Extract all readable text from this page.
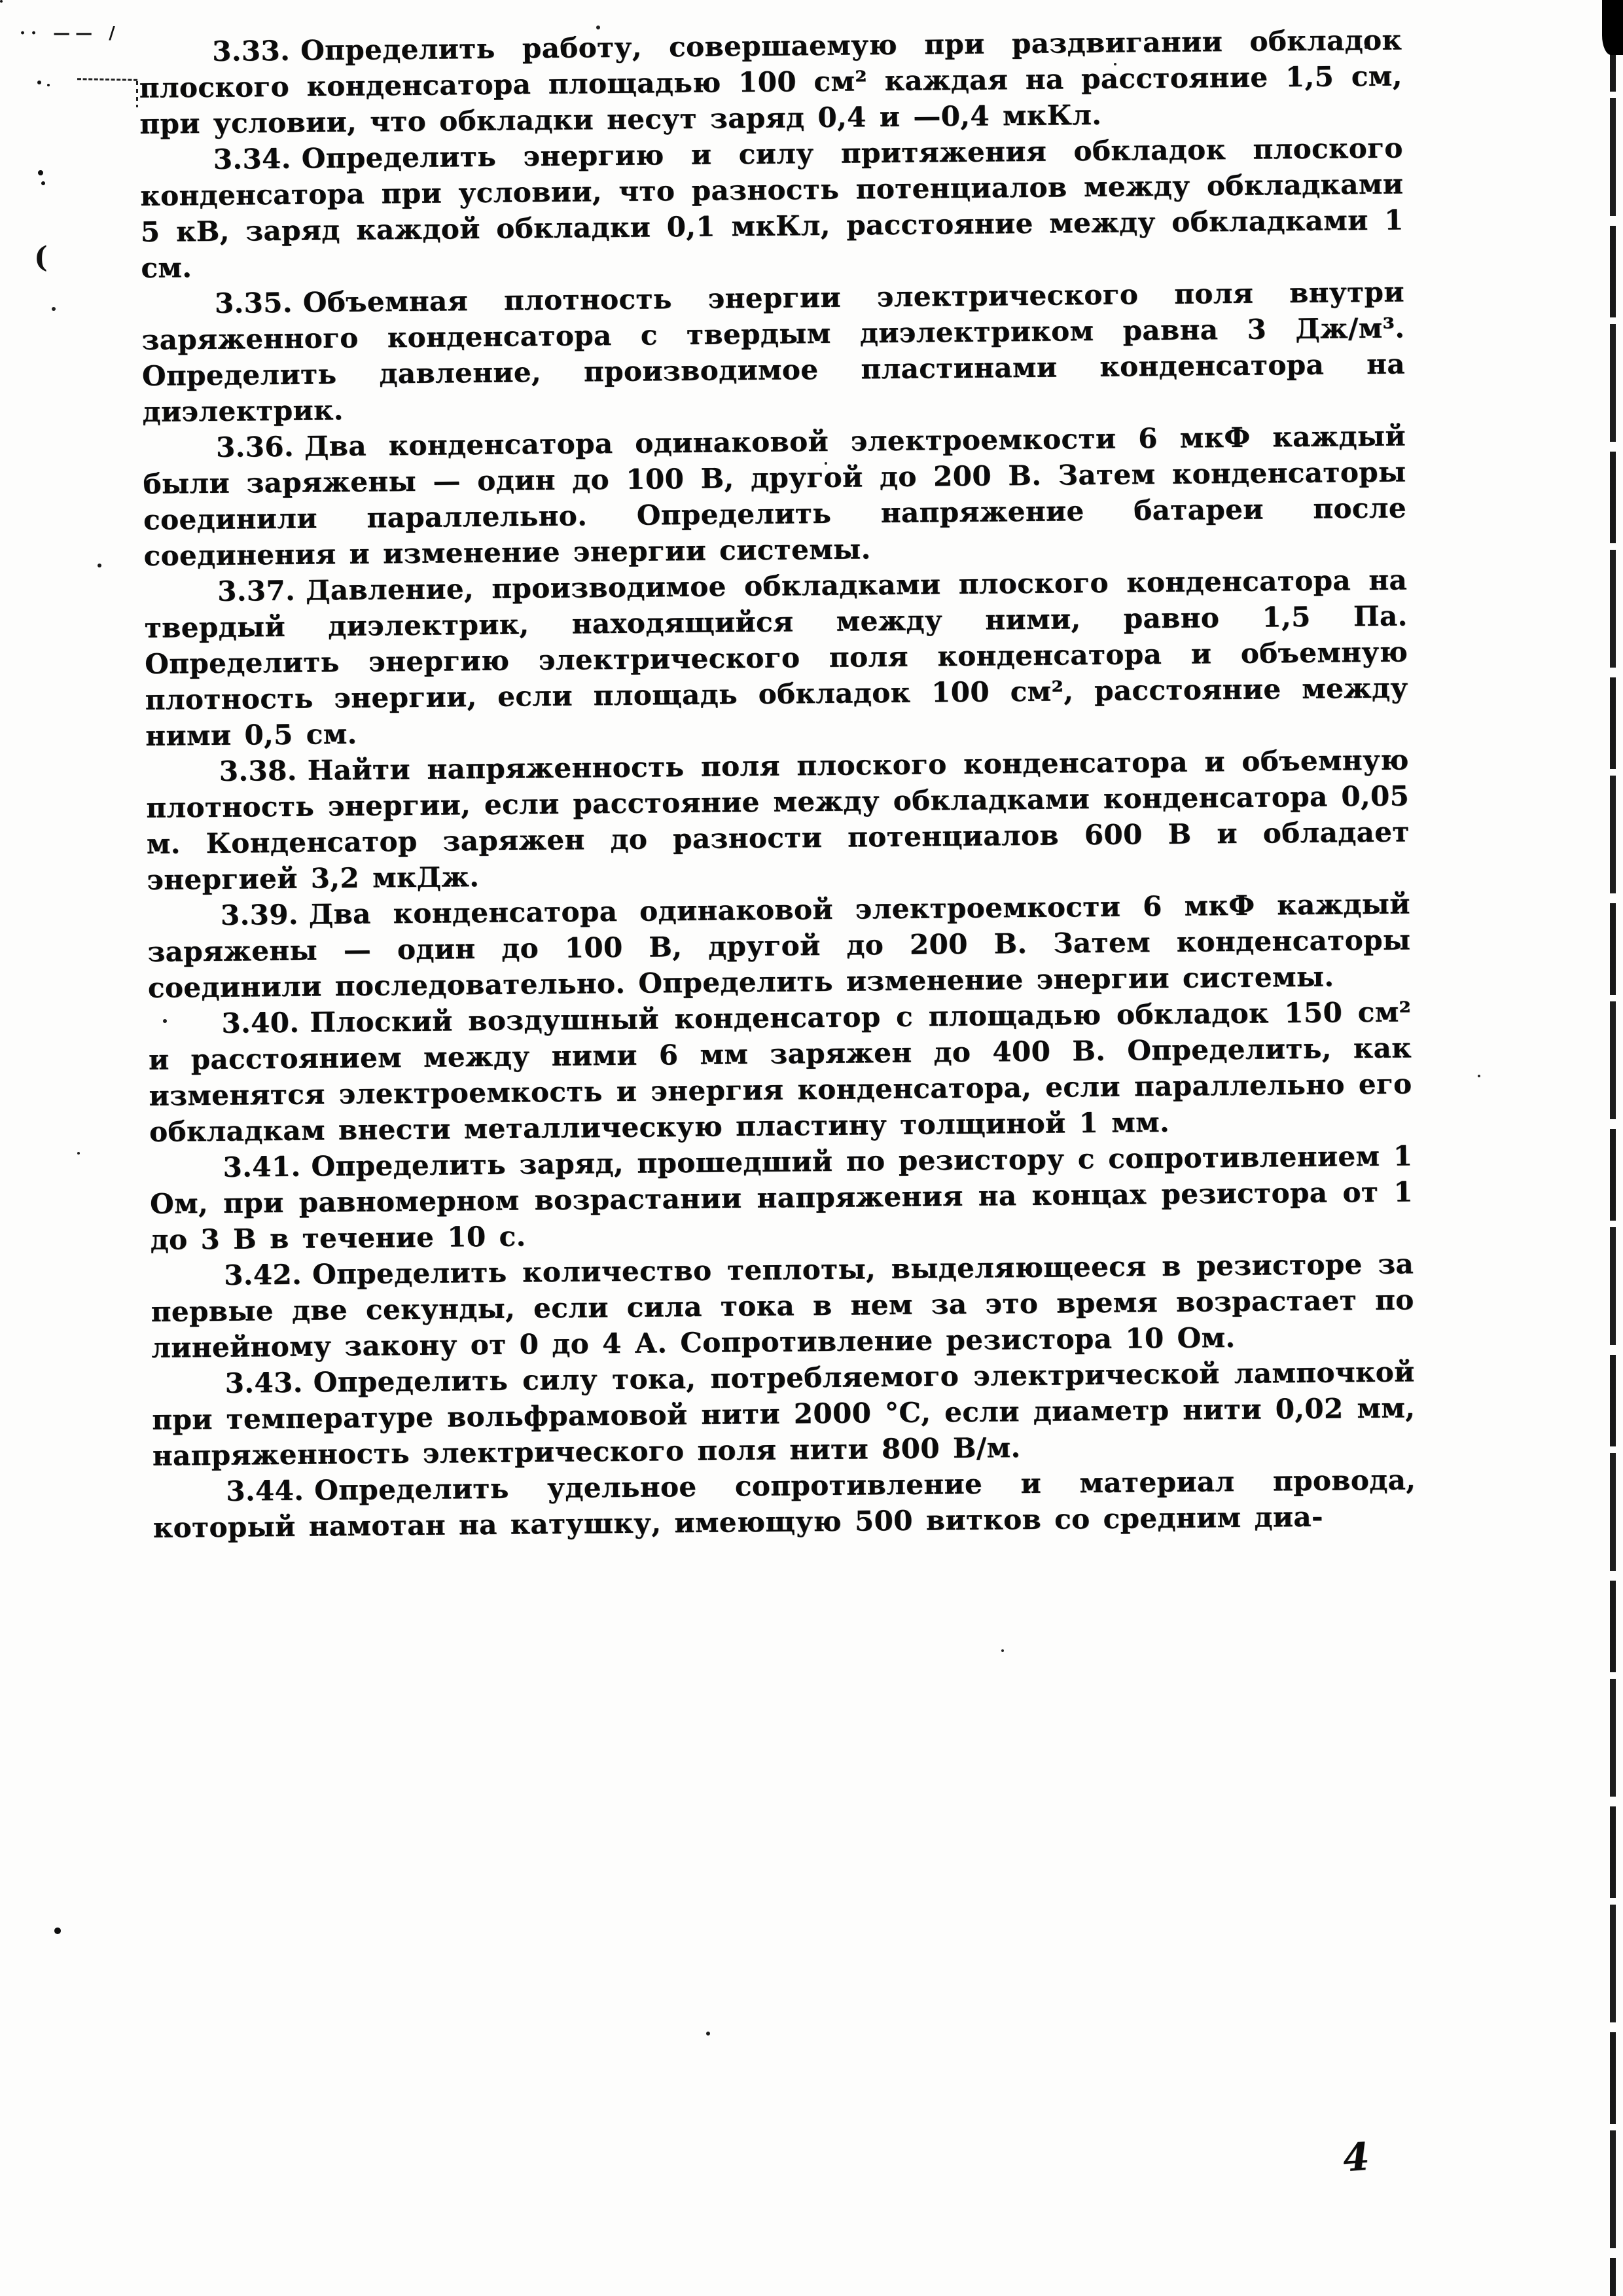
3.33. Определить работу, совершаемую при раздвигании обкладок плоского конденсатора площадью 100 см² каждая на расстояние 1,5 см, при условии, что обкладки несут заряд 0,4 и —0,4 мкКл.

3.34. Определить энергию и силу притяжения обкладок плоского конденсатора при условии, что разность потенциалов между обкладками 5 кВ, заряд каждой обкладки 0,1 мкКл, расстояние между обкладками 1 см.

3.35. Объемная плотность энергии электрического поля внутри заряженного конденсатора с твердым диэлектриком равна 3 Дж/м³. Определить давление, производимое пластинами конденсатора на диэлектрик.

3.36. Два конденсатора одинаковой электроемкости 6 мкФ каждый были заряжены — один до 100 В, другой до 200 В. Затем конденсаторы соединили параллельно. Определить напряжение батареи после соединения и изменение энергии системы.

3.37. Давление, производимое обкладками плоского конденсатора на твердый диэлектрик, находящийся между ними, равно 1,5 Па. Определить энергию электрического поля конденсатора и объемную плотность энергии, если площадь обкладок 100 см², расстояние между ними 0,5 см.

3.38. Найти напряженность поля плоского конденсатора и объемную плотность энергии, если расстояние между обкладками конденсатора 0,05 м. Конденсатор заряжен до разности потенциалов 600 В и обладает энергией 3,2 мкДж.

3.39. Два конденсатора одинаковой электроемкости 6 мкФ каждый заряжены — один до 100 В, другой до 200 В. Затем конденсаторы соединили последовательно. Определить изменение энергии системы.

3.40. Плоский воздушный конденсатор с площадью обкладок 150 см² и расстоянием между ними 6 мм заряжен до 400 В. Определить, как изменятся электроемкость и энергия конденсатора, если параллельно его обкладкам внести металлическую пластину толщиной 1 мм.

3.41. Определить заряд, прошедший по резистору с сопротивлением 1 Ом, при равномерном возрастании напряжения на концах резистора от 1 до 3 В в течение 10 с.

3.42. Определить количество теплоты, выделяющееся в резисторе за первые две секунды, если сила тока в нем за это время возрастает по линейному закону от 0 до 4 А. Сопротивление резистора 10 Ом.

3.43. Определить силу тока, потребляемого электрической лампочкой при температуре вольфрамовой нити 2000 °С, если диаметр нити 0,02 мм, напряженность электрического поля нити 800 В/м.

3.44. Определить удельное сопротивление и материал провода, который намотан на катушку, имеющую 500 витков со средним диа-

4
(
·· —— /
